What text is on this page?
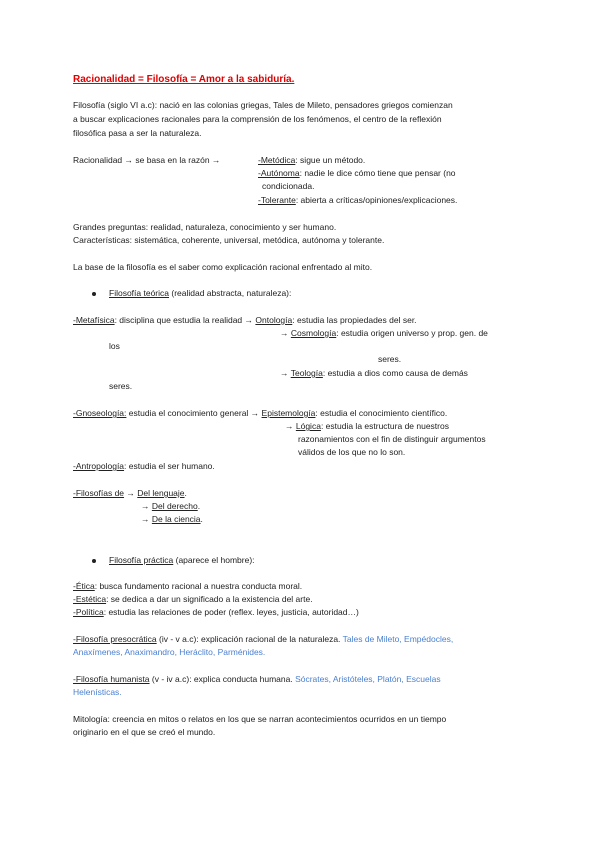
Racionalidad = Filosofía = Amor a la sabiduría.
Filosofía (siglo VI a.c): nació en las colonias griegas, Tales de Mileto, pensadores griegos comienzan
a buscar explicaciones racionales para la comprensión de los fenómenos, el centro de la reflexión
filosófica pasa a ser la naturaleza.
Racionalidad → se basa en la razón →	-Metódica: sigue un método.
-Autónoma: nadie le dice cómo tiene que pensar (no
condicionada.
-Tolerante: abierta a críticas/opiniones/explicaciones.
Grandes preguntas: realidad, naturaleza, conocimiento y ser humano.
Características: sistemática, coherente, universal, metódica, autónoma y tolerante.
La base de la filosofía es el saber como explicación racional enfrentado al mito.
Filosofía teórica (realidad abstracta, naturaleza):
-Metafísica: disciplina que estudia la realidad → Ontología: estudia las propiedades del ser.
→ Cosmología: estudia origen universo y prop. gen. de
los
seres.
→ Teología: estudia a dios como causa de demás
seres.
-Gnoseología: estudia el conocimiento general → Epistemología: estudia el conocimiento científico.
→ Lógica: estudia la estructura de nuestros
razonamientos con el fin de distinguir argumentos
válidos de los que no lo son.
-Antropología: estudia el ser humano.
-Filosofías de → Del lenguaje.
→ Del derecho.
→ De la ciencia.
Filosofía práctica (aparece el hombre):
-Ética: busca fundamento racional a nuestra conducta moral.
-Estética: se dedica a dar un significado a la existencia del arte.
-Política: estudia las relaciones de poder (reflex. leyes, justicia, autoridad…)
-Filosofía presocrática (iv - v a.c): explicación racional de la naturaleza. Tales de Mileto, Empédocles,
Anaxímenes, Anaximandro, Heráclito, Parménides.
-Filosofía humanista (v - iv a.c): explica conducta humana. Sócrates, Aristóteles, Platón, Escuelas
Helenísticas.
Mitología: creencia en mitos o relatos en los que se narran acontecimientos ocurridos en un tiempo
originario en el que se creó el mundo.
